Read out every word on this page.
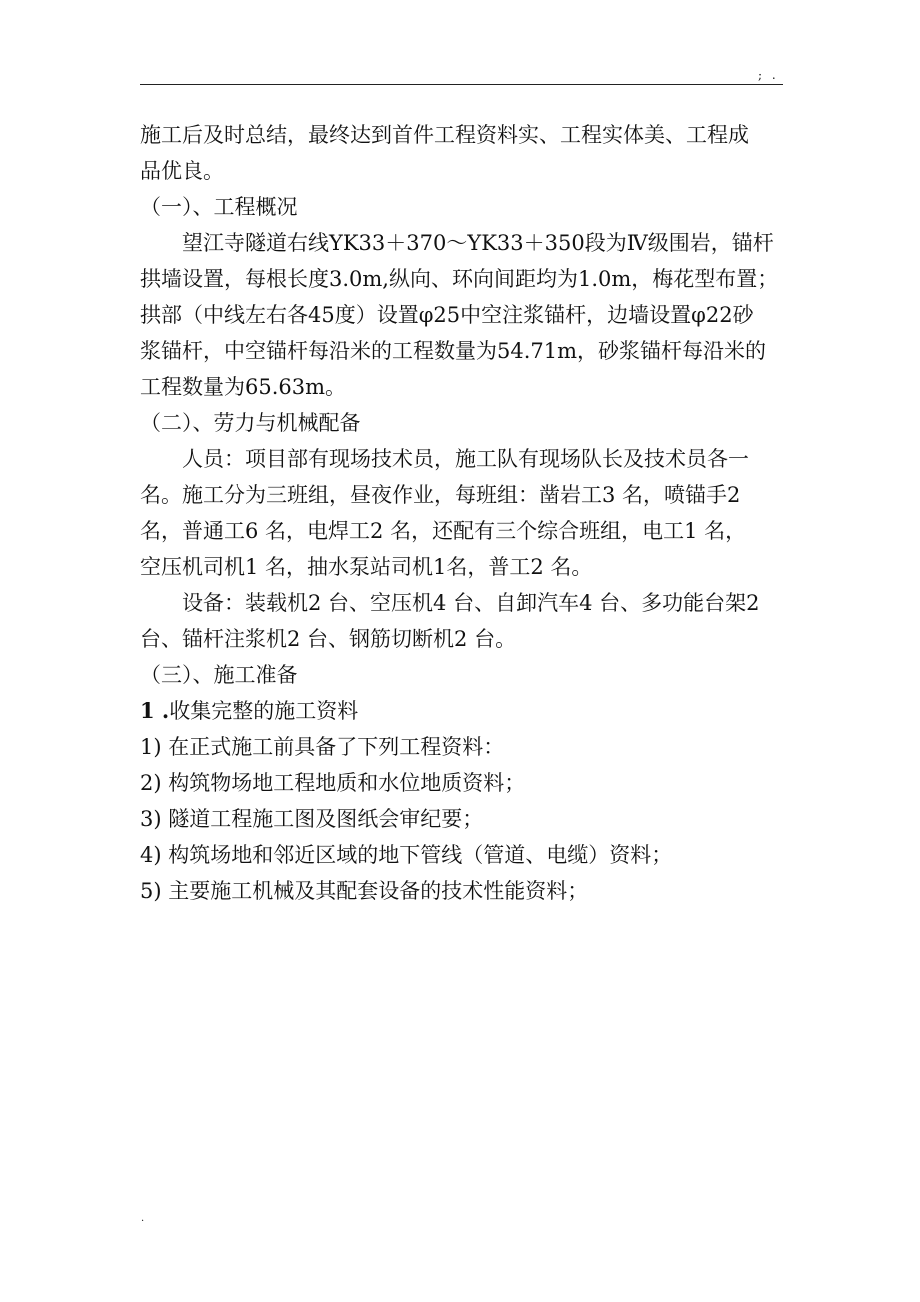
; .
施工后及时总结，最终达到首件工程资料实、工程实体美、工程成
品优良。
（一）、工程概况
望江寺隧道右线YK33＋370～YK33＋350段为Ⅳ级围岩，锚杆
拱墙设置，每根长度3.0m,纵向、环向间距均为1.0m，梅花型布置；
拱部（中线左右各45度）设置φ25中空注浆锚杆，边墙设置φ22砂
浆锚杆，中空锚杆每沿米的工程数量为54.71m，砂浆锚杆每沿米的
工程数量为65.63m。
（二）、劳力与机械配备
人员：项目部有现场技术员，施工队有现场队长及技术员各一
名。施工分为三班组，昼夜作业，每班组：凿岩工3 名，喷锚手2
名，普通工6 名，电焊工2 名，还配有三个综合班组，电工1 名，
空压机司机1 名，抽水泵站司机1名，普工2 名。
设备：装载机2 台、空压机4 台、自卸汽车4 台、多功能台架2
台、锚杆注浆机2 台、钢筋切断机2 台。
（三）、施工准备
1 .收集完整的施工资料
1) 在正式施工前具备了下列工程资料：
2) 构筑物场地工程地质和水位地质资料；
3) 隧道工程施工图及图纸会审纪要；
4) 构筑场地和邻近区域的地下管线（管道、电缆）资料；
5) 主要施工机械及其配套设备的技术性能资料；
.
